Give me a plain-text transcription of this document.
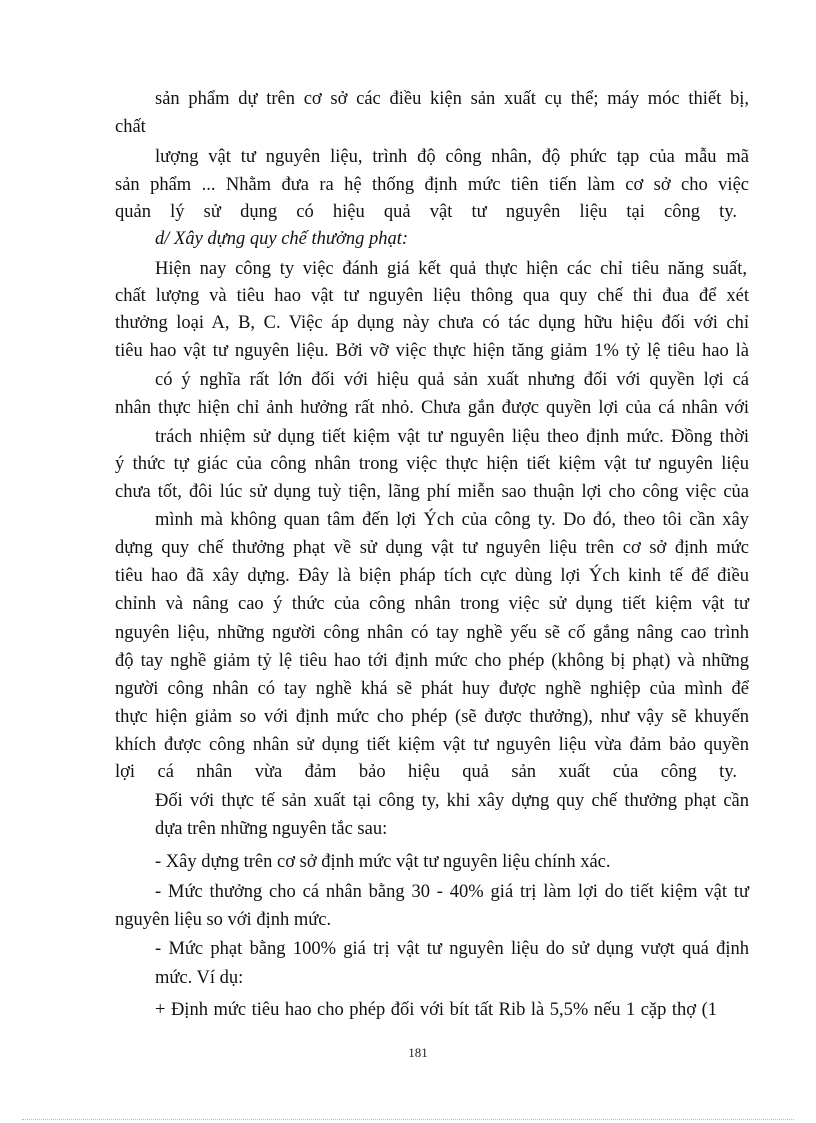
sản phẩm dự trên cơ sở các điều kiện sản xuất cụ thể; máy móc thiết bị,
chất
lượng vật tư nguyên liệu, trình độ công nhân, độ phức tạp của mẫu mã
sản phẩm ... Nhằm đưa ra hệ thống định mức tiên tiến làm cơ sở cho việc
quản lý sử dụng có hiệu quả vật tư nguyên liệu tại công ty.
d/ Xây dựng quy chế thưởng phạt:
Hiện nay công ty việc đánh giá kết quả thực hiện các chỉ tiêu năng suất,
chất lượng và tiêu hao vật tư nguyên liệu thông qua quy chế thi đua để xét
thưởng loại A, B, C. Việc áp dụng này chưa có tác dụng hữu hiệu đối với chỉ
tiêu hao vật tư nguyên liệu. Bởi vỡ việc thực hiện tăng giảm 1% tỷ lệ tiêu hao là
có ý nghĩa rất lớn đối với hiệu quả sản xuất nhưng đối với quyền lợi cá
nhân thực hiện chỉ ảnh hưởng rất nhỏ. Chưa gắn được quyền lợi của cá nhân với
trách nhiệm sử dụng tiết kiệm vật tư nguyên liệu theo định mức. Đồng thời
ý thức tự giác của công nhân trong việc thực hiện tiết kiệm vật tư nguyên liệu
chưa tốt, đôi lúc sử dụng tuỳ tiện, lãng phí miễn sao thuận lợi cho công việc của
mình mà không quan tâm đến lợi Ých của công ty. Do đó, theo tôi cần xây
dựng quy chế thưởng phạt về sử dụng vật tư nguyên liệu trên cơ sở định mức
tiêu hao đã xây dựng. Đây là biện pháp tích cực dùng lợi Ých kinh tế để điều
chỉnh và nâng cao ý thức của công nhân trong việc sử dụng tiết kiệm vật tư
nguyên liệu, những người công nhân có tay nghề yếu sẽ cố gắng nâng cao trình
độ tay nghề giảm tỷ lệ tiêu hao tới định mức cho phép (không bị phạt) và những
người công nhân có tay nghề khá sẽ phát huy được nghề nghiệp của mình để
thực hiện giảm so với định mức cho phép (sẽ được thưởng), như vậy sẽ khuyến
khích được công nhân sử dụng tiết kiệm vật tư nguyên liệu vừa đảm bảo quyền
lợi cá nhân vừa đảm bảo hiệu quả sản xuất của công ty.
Đối với thực tế sản xuất tại công ty, khi xây dựng quy chế thưởng phạt cần
dựa trên những nguyên tắc sau:
- Xây dựng trên cơ sở định mức vật tư nguyên liệu chính xác.
- Mức thưởng cho cá nhân bằng 30 - 40% giá trị làm lợi do tiết kiệm vật tư
nguyên liệu so với định mức.
- Mức phạt bằng 100% giá trị vật tư nguyên liệu do sử dụng vượt quá định
mức. Ví dụ:
+ Định mức tiêu hao cho phép đối với bít tất Rib là 5,5% nếu 1 cặp thợ (1
181
